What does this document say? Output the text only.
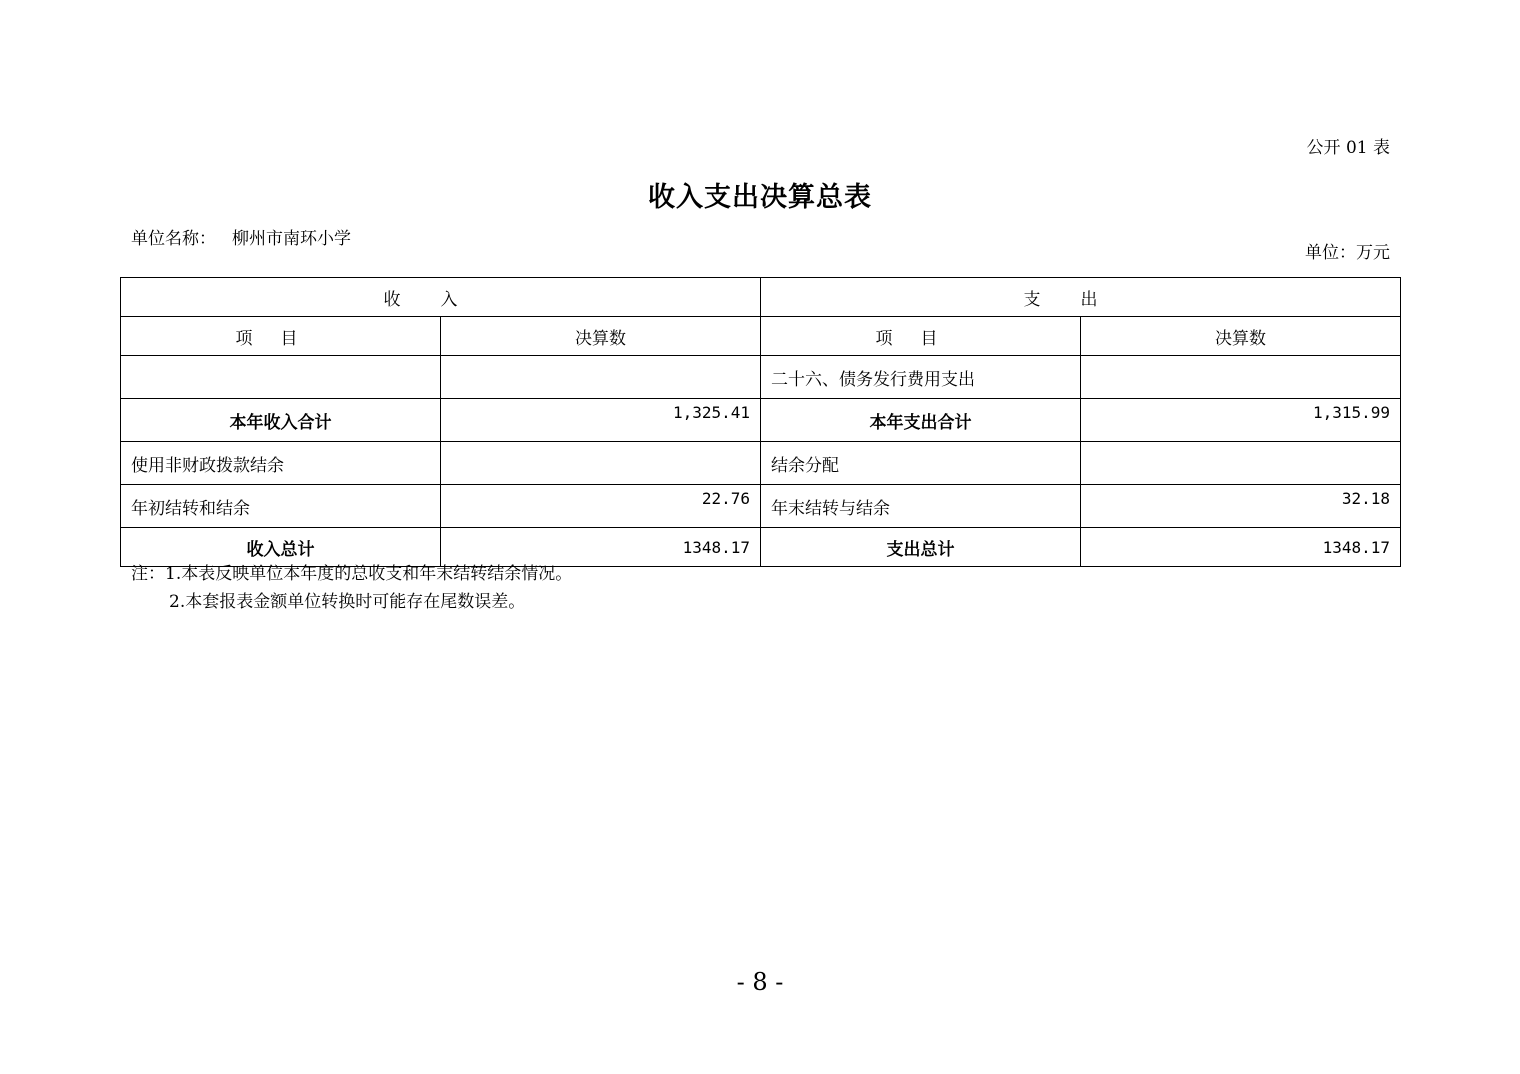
公开 01 表
收入支出决算总表
单位名称： 柳州市南环小学
单位：万元
收入		支出	
项目	决算数	项目	决算数
		二十六、债务发行费用支出	
本年收入合计	1,325.41	本年支出合计	1,315.99
使用非财政拨款结余		结余分配	
年初结转和结余	22.76	年末结转与结余	32.18
收入总计	1348.17	支出总计	1348.17
注：1.本表反映单位本年度的总收支和年末结转结余情况。
2.本套报表金额单位转换时可能存在尾数误差。
- 8 -
